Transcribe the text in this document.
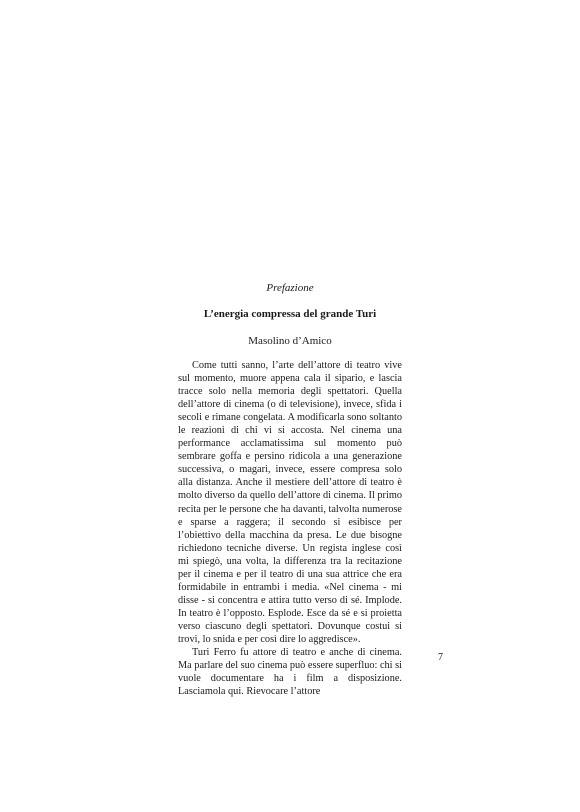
Prefazione
L’energia compressa del grande Turi
Masolino d’Amico

Come tutti sanno, l’arte dell’attore di teatro vive sul momento, muore appena cala il sipario, e lascia tracce solo nella memoria degli spettatori. Quella dell’attore di cinema (o di televisione), invece, sfida i secoli e rimane congelata. A modificarla sono soltanto le reazioni di chi vi si accosta. Nel cinema una performance acclamatissima sul momento può sembrare goffa e persino ridicola a una generazione successiva, o magari, invece, essere compresa solo alla distanza. Anche il mestiere dell’attore di teatro è molto diverso da quello dell’attore di cinema. Il primo recita per le persone che ha davanti, talvolta numerose e sparse a raggera; il secondo si esibisce per l’obiettivo della macchina da presa. Le due bisogne richiedono tecniche diverse. Un regista inglese così mi spiegò, una volta, la differenza tra la recitazione per il cinema e per il teatro di una sua attrice che era formidabile in entrambi i media. «Nel cinema - mi disse - si concentra e attira tutto verso di sé. Implode. In teatro è l’opposto. Esplode. Esce da sé e si proietta verso ciascuno degli spettatori. Dovunque costui si trovi, lo snida e per così dire lo aggredisce».

Turi Ferro fu attore di teatro e anche di cinema. Ma parlare del suo cinema può essere superfluo: chi si vuole documentare ha i film a disposizione. Lasciamola qui. Rievocare l’attore

7
